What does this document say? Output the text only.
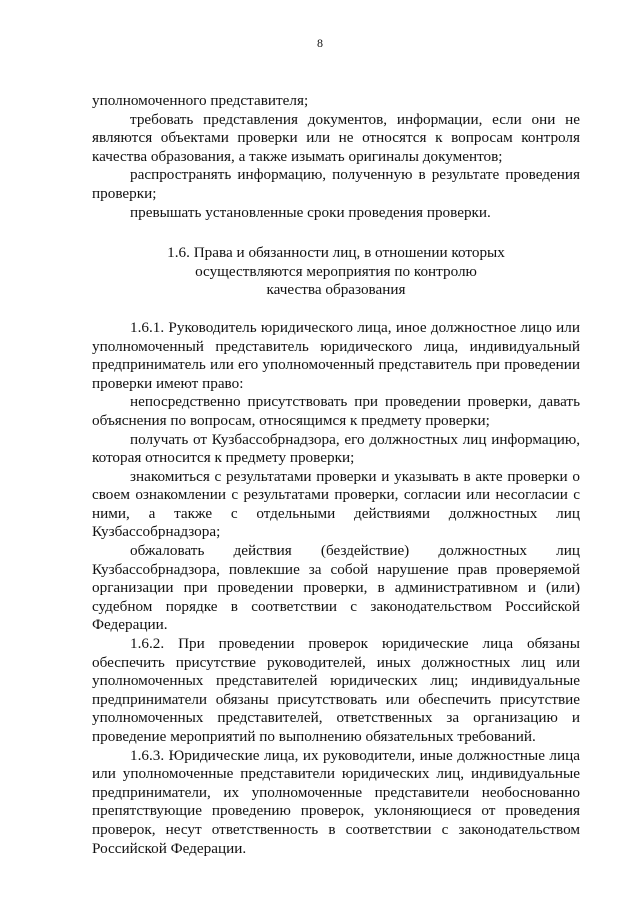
8

уполномоченного представителя;

требовать представления документов, информации, если они не являются объектами проверки или не относятся к вопросам контроля качества образования, а также изымать оригиналы документов;

распространять информацию, полученную в результате проведения проверки;

превышать установленные сроки проведения проверки.

1.6. Права и обязанности лиц, в отношении которых
осуществляются мероприятия по контролю
качества образования

1.6.1. Руководитель юридического лица, иное должностное лицо или уполномоченный представитель юридического лица, индивидуальный предприниматель или его уполномоченный представитель при проведении проверки имеют право:

непосредственно присутствовать при проведении проверки, давать объяснения по вопросам, относящимся к предмету проверки;

получать от Кузбассобрнадзора, его должностных лиц информацию, которая относится к предмету проверки;

знакомиться с результатами проверки и указывать в акте проверки о своем ознакомлении с результатами проверки, согласии или несогласии с ними, а также с отдельными действиями должностных лиц Кузбассобрнадзора;

обжаловать действия (бездействие) должностных лиц Кузбассобрнадзора, повлекшие за собой нарушение прав проверяемой организации при проведении проверки, в административном и (или) судебном порядке в соответствии с законодательством Российской Федерации.

1.6.2. При проведении проверок юридические лица обязаны обеспечить присутствие руководителей, иных должностных лиц или уполномоченных представителей юридических лиц; индивидуальные предприниматели обязаны присутствовать или обеспечить присутствие уполномоченных представителей, ответственных за организацию и проведение мероприятий по выполнению обязательных требований.

1.6.3. Юридические лица, их руководители, иные должностные лица или уполномоченные представители юридических лиц, индивидуальные предприниматели, их уполномоченные представители необоснованно препятствующие проведению проверок, уклоняющиеся от проведения проверок, несут ответственность в соответствии с законодательством Российской Федерации.
